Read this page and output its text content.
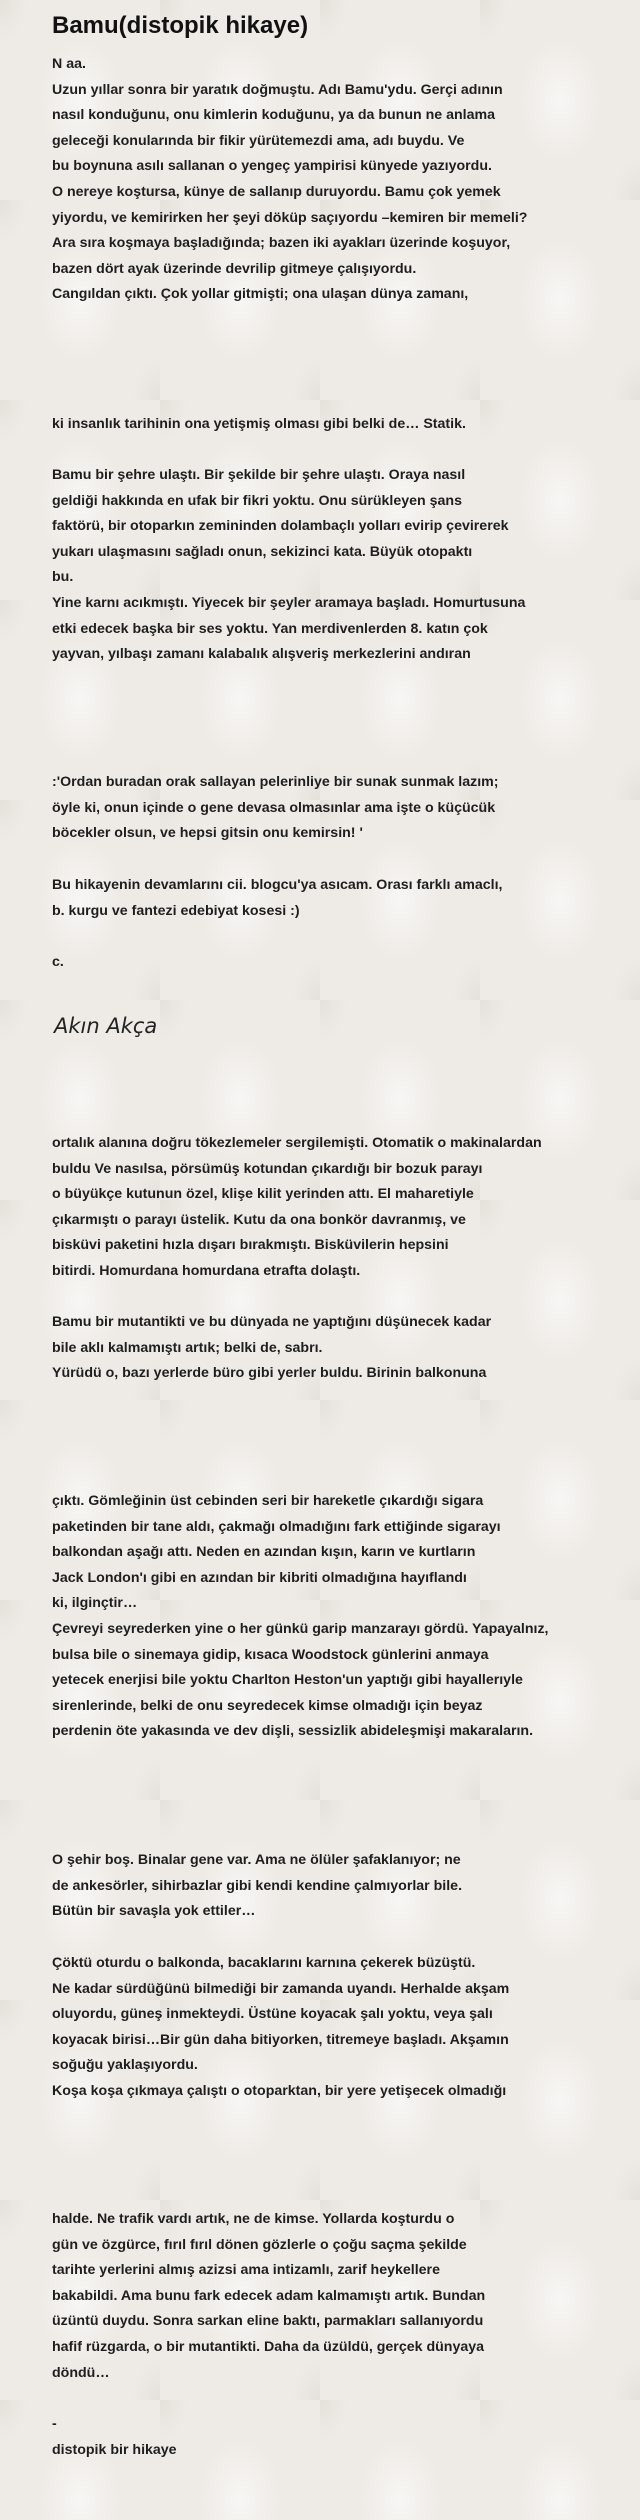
Bamu(distopik hikaye)
N aa.
Uzun yıllar sonra bir yaratık doğmuştu. Adı Bamu'ydu. Gerçi adının
nasıl konduğunu, onu kimlerin koduğunu, ya da bunun ne anlama
geleceği konularında bir fikir yürütemezdi ama, adı buydu. Ve
bu boynuna asılı sallanan o yengeç yampirisi künyede yazıyordu.
O nereye koştursa, künye de sallanıp duruyordu. Bamu çok yemek
yiyordu, ve kemirirken her şeyi döküp saçıyordu –kemiren bir memeli?
Ara sıra koşmaya başladığında; bazen iki ayakları üzerinde koşuyor,
bazen dört ayak üzerinde devrilip gitmeye çalışıyordu.
Cangıldan çıktı. Çok yollar gitmişti; ona ulaşan dünya zamanı,
ki insanlık tarihinin ona yetişmiş olması gibi belki de… Statik.
Bamu bir şehre ulaştı. Bir şekilde bir şehre ulaştı. Oraya nasıl
geldiği hakkında en ufak bir fikri yoktu. Onu sürükleyen şans
faktörü, bir otoparkın zemininden dolambaçlı yolları evirip çevirerek
yukarı ulaşmasını sağladı onun, sekizinci kata. Büyük otopaktı
bu.
Yine karnı acıkmıştı. Yiyecek bir şeyler aramaya başladı. Homurtusuna
etki edecek başka bir ses yoktu. Yan merdivenlerden 8. katın çok
yayvan, yılbaşı zamanı kalabalık alışveriş merkezlerini andıran
:'Ordan buradan orak sallayan pelerinliye bir sunak sunmak lazım;
öyle ki, onun içinde o gene devasa olmasınlar ama işte o küçücük
böcekler olsun, ve hepsi gitsin onu kemirsin! '
Bu hikayenin devamlarını cii. blogcu'ya asıcam. Orası farklı amaclı,
b. kurgu ve fantezi edebiyat kosesi :)
c.
Akın Akça
ortalık alanına doğru tökezlemeler sergilemişti. Otomatik o makinalardan
buldu Ve nasılsa, pörsümüş kotundan çıkardığı bir bozuk parayı
o büyükçe kutunun özel, klişe kilit yerinden attı. El maharetiyle
çıkarmıştı o parayı üstelik. Kutu da ona bonkör davranmış, ve
bisküvi paketini hızla dışarı bırakmıştı. Bisküvilerin hepsini
bitirdi. Homurdana homurdana etrafta dolaştı.
Bamu bir mutantikti ve bu dünyada ne yaptığını düşünecek kadar
bile aklı kalmamıştı artık; belki de, sabrı.
Yürüdü o, bazı yerlerde büro gibi yerler buldu. Birinin balkonuna
çıktı. Gömleğinin üst cebinden seri bir hareketle çıkardığı sigara
paketinden bir tane aldı, çakmağı olmadığını fark ettiğinde sigarayı
balkondan aşağı attı. Neden en azından kışın, karın ve kurtların
Jack London'ı gibi en azından bir kibriti olmadığına hayıflandı
ki, ilginçtir…
Çevreyi seyrederken yine o her günkü garip manzarayı gördü. Yapayalnız,
bulsa bile o sinemaya gidip, kısaca Woodstock günlerini anmaya
yetecek enerjisi bile yoktu Charlton Heston'un yaptığı gibi hayallerıyle
sirenlerinde, belki de onu seyredecek kimse olmadığı için beyaz
perdenin öte yakasında ve dev dişli, sessizlik abideleşmişi makaraların.
O şehir boş. Binalar gene var. Ama ne ölüler şafaklanıyor; ne
de ankesörler, sihirbazlar gibi kendi kendine çalmıyorlar bile.
Bütün bir savaşla yok ettiler…
Çöktü oturdu o balkonda, bacaklarını karnına çekerek büzüştü.
Ne kadar sürdüğünü bilmediği bir zamanda uyandı. Herhalde akşam
oluyordu, güneş inmekteydi. Üstüne koyacak şalı yoktu, veya şalı
koyacak birisi…Bir gün daha bitiyorken, titremeye başladı. Akşamın
soğuğu yaklaşıyordu.
Koşa koşa çıkmaya çalıştı o otoparktan, bir yere yetişecek olmadığı
halde. Ne trafik vardı artık, ne de kimse. Yollarda koşturdu o
gün ve özgürce, fırıl fırıl dönen gözlerle o çoğu saçma şekilde
tarihte yerlerini almış azizsi ama intizamlı, zarif heykellere
bakabildi. Ama bunu fark edecek adam kalmamıştı artık. Bundan
üzüntü duydu. Sonra sarkan eline baktı, parmakları sallanıyordu
hafif rüzgarda, o bir mutantikti. Daha da üzüldü, gerçek dünyaya
döndü…
-
distopik bir hikaye
